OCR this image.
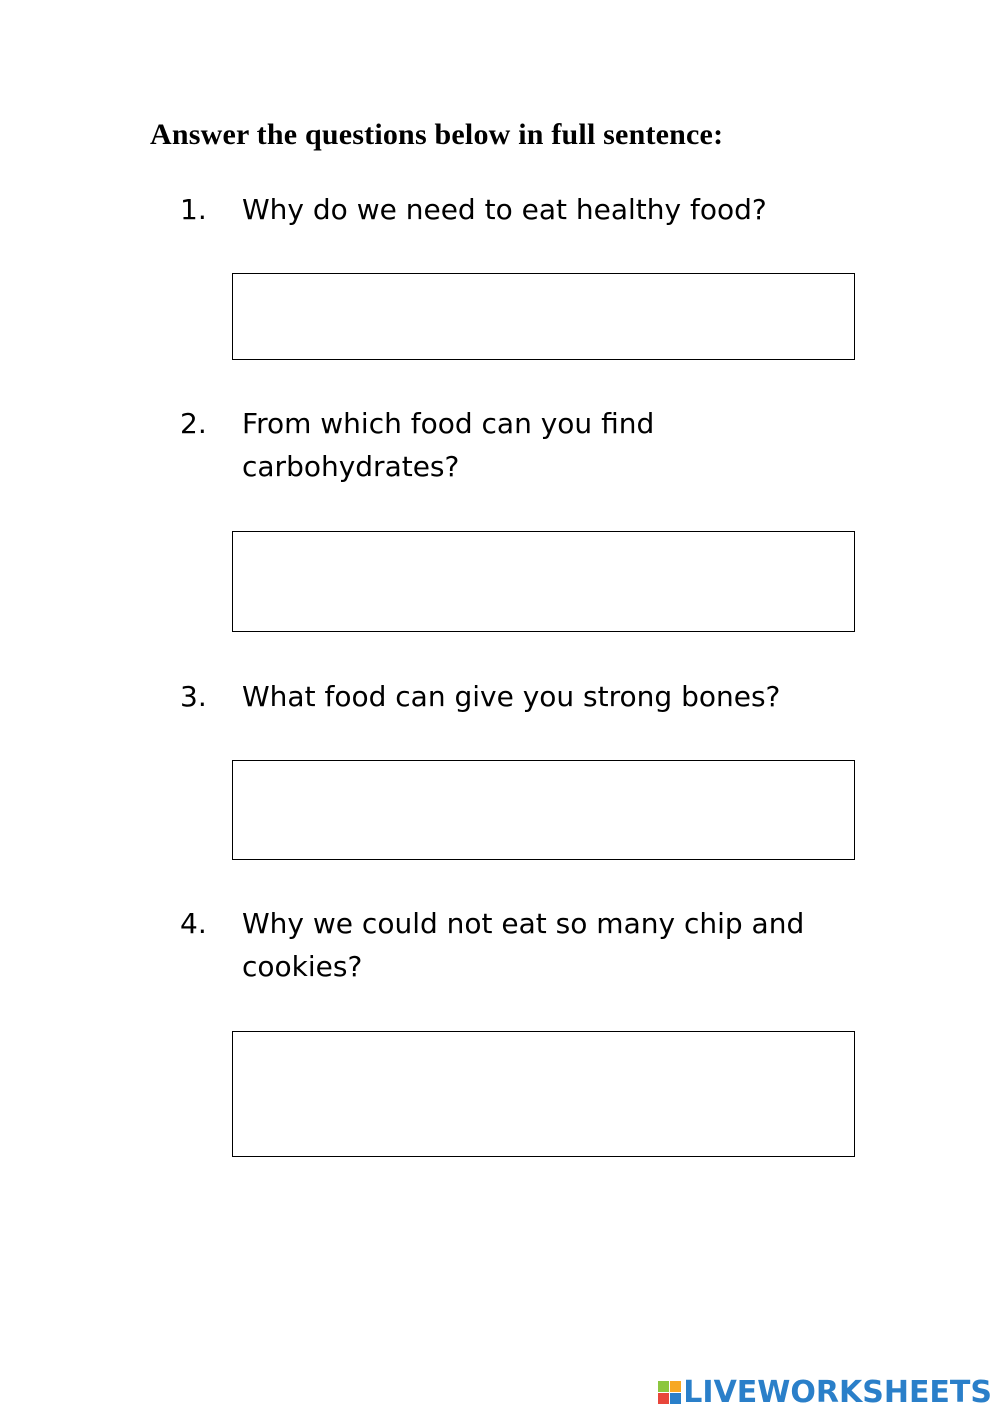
Answer the questions below in full sentence:
1.	Why do we need to eat healthy food?
2.	From which food can you find carbohydrates?
3.	What food can give you strong bones?
4.	Why we could not eat so many chip and cookies?
LIVEWORKSHEETS
